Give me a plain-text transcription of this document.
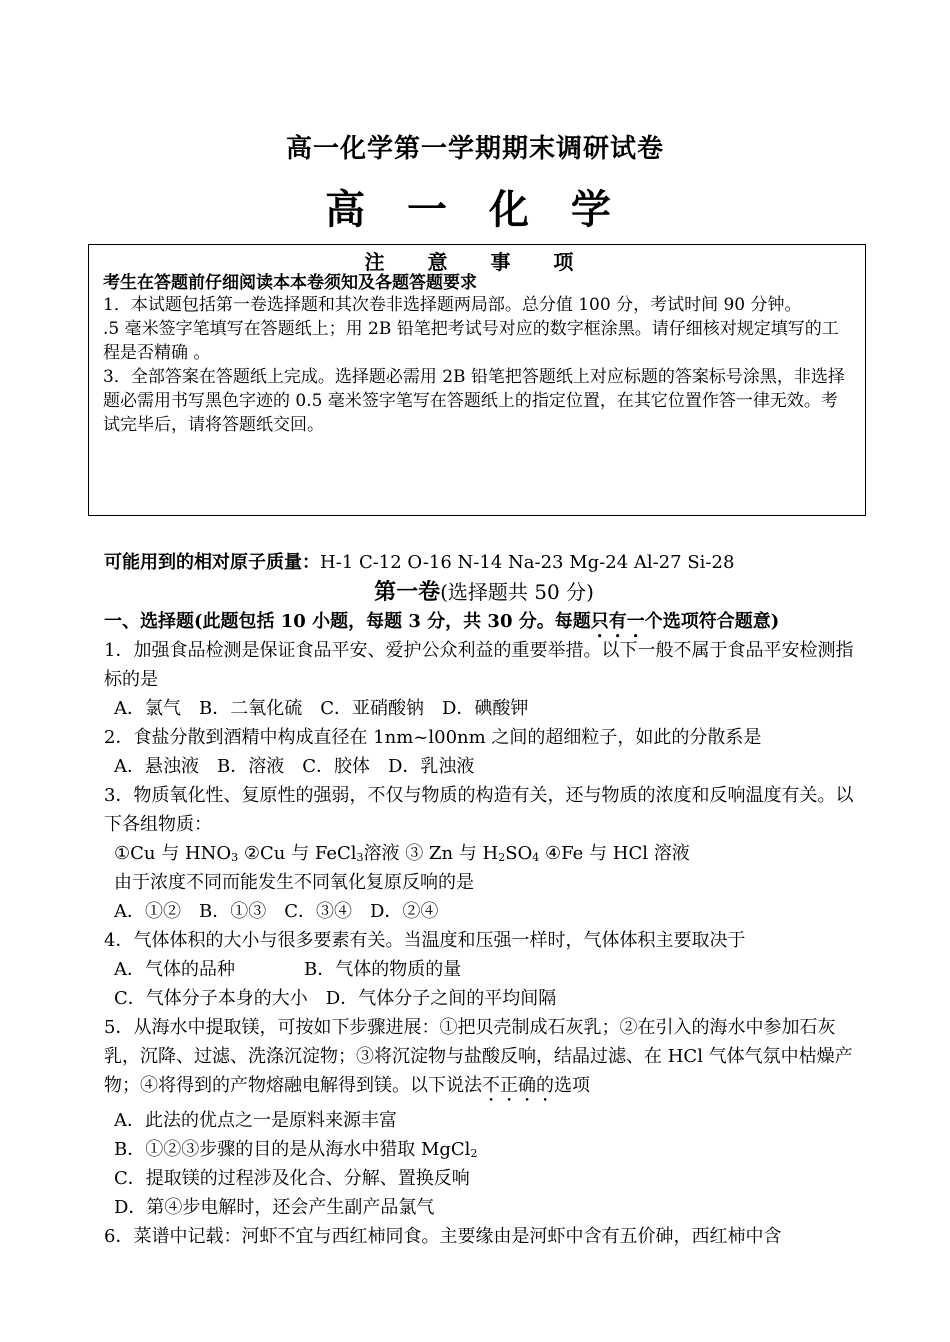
高一化学第一学期期末调研试卷
高 一 化 学
注 意 事 项
考生在答题前仔细阅读本本卷须知及各题答题要求

1．本试题包括第一卷选择题和其次卷非选择题两局部。总分值 100 分，考试时间 90 分钟。

.5 毫米签字笔填写在答题纸上；用 2B 铅笔把考试号对应的数字框涂黑。请仔细核对规定填写的工程是否精确 。

3．全部答案在答题纸上完成。选择题必需用 2B 铅笔把答题纸上对应标题的答案标号涂黑，非选择题必需用书写黑色字迹的 0.5 毫米签字笔写在答题纸上的指定位置，在其它位置作答一律无效。考试完毕后，请将答题纸交回。

可能用到的相对原子质量：H-1 C-12 O-16 N-14 Na-23 Mg-24 Al-27 Si-28
第一卷(选择题共 50 分)
一、选择题(此题包括 10 小题，每题 3 分，共 30 分。每题只有一个选项符合题意)
1．加强食品检测是保证食品平安、爱护公众利益的重要举措。以下一般不属于食品平安检测指标的是
A．氯气　B．二氧化硫　C．亚硝酸钠　D．碘酸钾
2．食盐分散到酒精中构成直径在 1nm~l00nm 之间的超细粒子，如此的分散系是
A．悬浊液　B．溶液　C．胶体　D．乳浊液
3．物质氧化性、复原性的强弱，不仅与物质的构造有关，还与物质的浓度和反响温度有关。以下各组物质：
①Cu 与 $HNO_3$ ②Cu 与 FeCl$_3$溶液 ③ Zn 与 $H_2SO_4$ ④Fe 与 HCl 溶液
由于浓度不同而能发生不同氧化复原反响的是
A．①②　B．①③　C．③④　D．②④
4．气体体积的大小与很多要素有关。当温度和压强一样时，气体体积主要取决于
A．气体的品种	B．气体的物质的量
C．气体分子本身的大小　 D．气体分子之间的平均间隔
5．从海水中提取镁，可按如下步骤进展：①把贝壳制成石灰乳；②在引入的海水中参加石灰乳，沉降、过滤、洗涤沉淀物；③将沉淀物与盐酸反响，结晶过滤、在 HCl 气体气氛中枯燥产物；④将得到的产物熔融电解得到镁。以下说法不正确的选项
A．此法的优点之一是原料来源丰富
B．①②③步骤的目的是从海水中猎取 MgCl$_2$
C．提取镁的过程涉及化合、分解、置换反响
D．第④步电解时，还会产生副产品氯气
6．菜谱中记载：河虾不宜与西红柿同食。主要缘由是河虾中含有五价砷，西红柿中含
